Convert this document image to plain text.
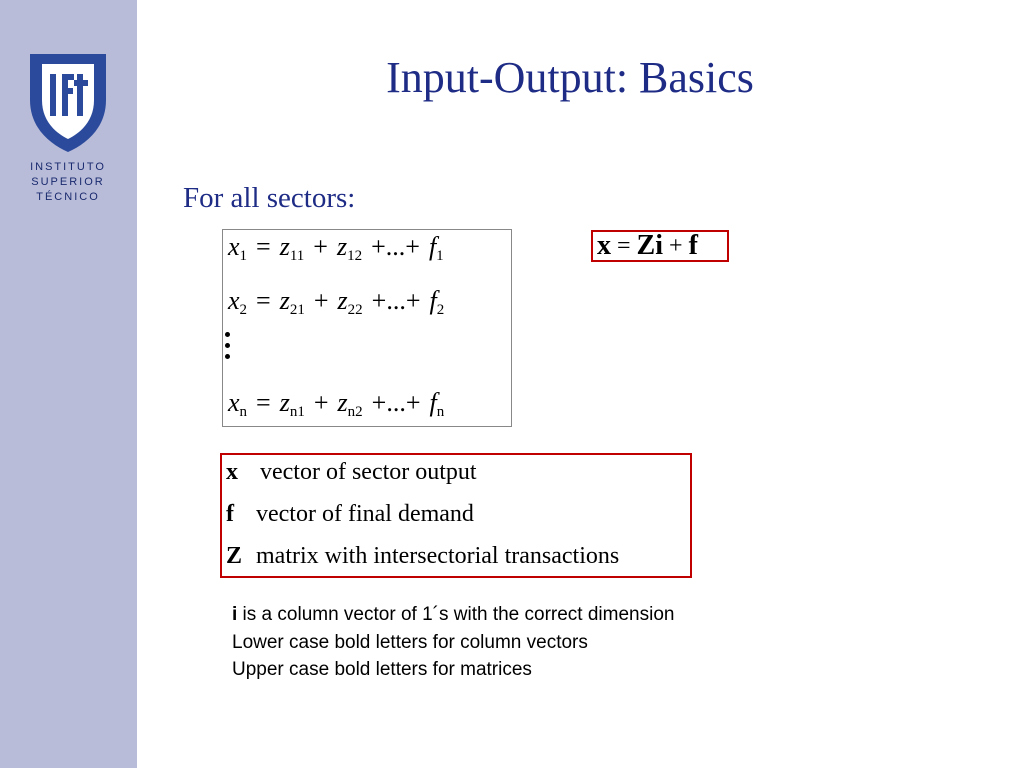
INSTITUTO
SUPERIOR
TÉCNICO
Input-Output: Basics
For all sectors:
$x_1 = z_{11} + z_{12}$ +...+ $f_1$
$x_2 = z_{21} + z_{22}$ +...+ $f_2$
$x_n = z_{n1} + z_{n2}$ +...+ $f_n$
x = Z i + f
x vector of sector output
f vector of final demand
Z matrix with intersectorial transactions

i is a column vector of 1´s with the correct dimension

Lower case bold letters for column vectors

Upper case bold letters for matrices
